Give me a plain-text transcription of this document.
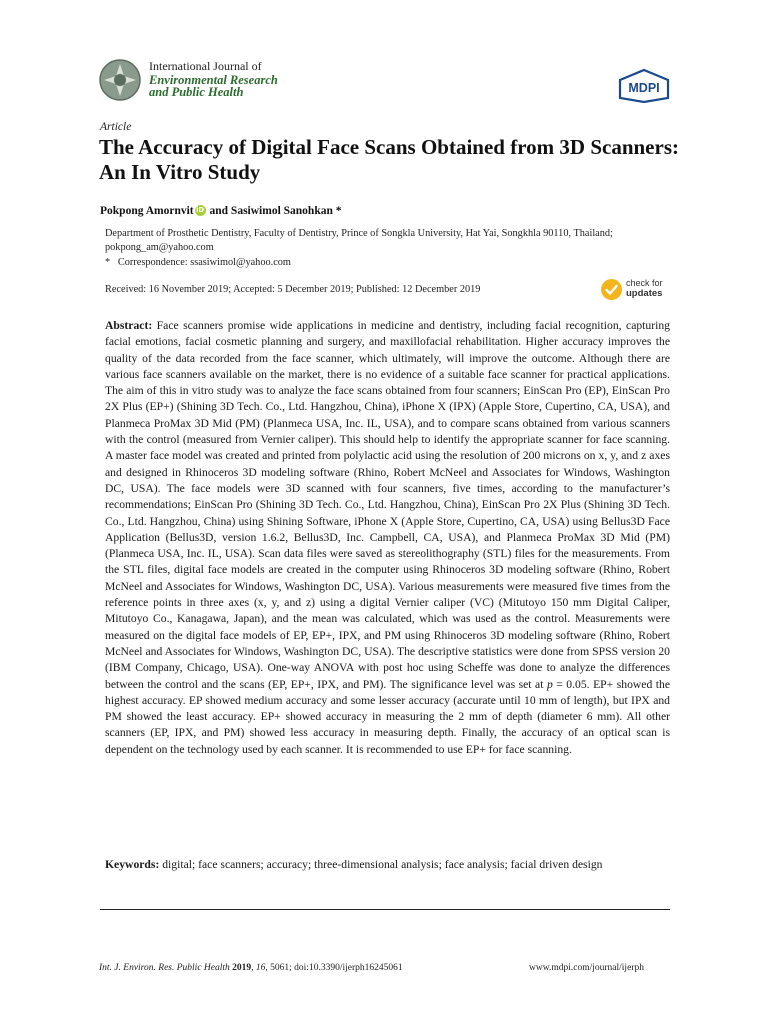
International Journal of
Environmental Research
and Public Health	MDPI
Article
The Accuracy of Digital Face Scans Obtained from 3D Scanners: An In Vitro Study
Pokpong Amornvit iD and Sasiwimol Sanohkan *
Department of Prosthetic Dentistry, Faculty of Dentistry, Prince of Songkla University, Hat Yai, Songkhla 90110, Thailand; pokpong_am@yahoo.com
*   Correspondence: ssasiwimol@yahoo.com
Received: 16 November 2019; Accepted: 5 December 2019; Published: 12 December 2019
check for
updates
Abstract: Face scanners promise wide applications in medicine and dentistry, including facial recognition, capturing facial emotions, facial cosmetic planning and surgery, and maxillofacial rehabilitation. Higher accuracy improves the quality of the data recorded from the face scanner, which ultimately, will improve the outcome. Although there are various face scanners available on the market, there is no evidence of a suitable face scanner for practical applications. The aim of this in vitro study was to analyze the face scans obtained from four scanners; EinScan Pro (EP), EinScan Pro 2X Plus (EP+) (Shining 3D Tech. Co., Ltd. Hangzhou, China), iPhone X (IPX) (Apple Store, Cupertino, CA, USA), and Planmeca ProMax 3D Mid (PM) (Planmeca USA, Inc. IL, USA), and to compare scans obtained from various scanners with the control (measured from Vernier caliper). This should help to identify the appropriate scanner for face scanning. A master face model was created and printed from polylactic acid using the resolution of 200 microns on x, y, and z axes and designed in Rhinoceros 3D modeling software (Rhino, Robert McNeel and Associates for Windows, Washington DC, USA). The face models were 3D scanned with four scanners, five times, according to the manufacturer’s recommendations; EinScan Pro (Shining 3D Tech. Co., Ltd. Hangzhou, China), EinScan Pro 2X Plus (Shining 3D Tech. Co., Ltd. Hangzhou, China) using Shining Software, iPhone X (Apple Store, Cupertino, CA, USA) using Bellus3D Face Application (Bellus3D, version 1.6.2, Bellus3D, Inc. Campbell, CA, USA), and Planmeca ProMax 3D Mid (PM) (Planmeca USA, Inc. IL, USA). Scan data files were saved as stereolithography (STL) files for the measurements. From the STL files, digital face models are created in the computer using Rhinoceros 3D modeling software (Rhino, Robert McNeel and Associates for Windows, Washington DC, USA). Various measurements were measured five times from the reference points in three axes (x, y, and z) using a digital Vernier caliper (VC) (Mitutoyo 150 mm Digital Caliper, Mitutoyo Co., Kanagawa, Japan), and the mean was calculated, which was used as the control. Measurements were measured on the digital face models of EP, EP+, IPX, and PM using Rhinoceros 3D modeling software (Rhino, Robert McNeel and Associates for Windows, Washington DC, USA). The descriptive statistics were done from SPSS version 20 (IBM Company, Chicago, USA). One-way ANOVA with post hoc using Scheffe was done to analyze the differences between the control and the scans (EP, EP+, IPX, and PM). The significance level was set at p = 0.05. EP+ showed the highest accuracy. EP showed medium accuracy and some lesser accuracy (accurate until 10 mm of length), but IPX and PM showed the least accuracy. EP+ showed accuracy in measuring the 2 mm of depth (diameter 6 mm). All other scanners (EP, IPX, and PM) showed less accuracy in measuring depth. Finally, the accuracy of an optical scan is dependent on the technology used by each scanner. It is recommended to use EP+ for face scanning.
Keywords: digital; face scanners; accuracy; three-dimensional analysis; face analysis; facial driven design
Int. J. Environ. Res. Public Health 2019, 16, 5061; doi:10.3390/ijerph16245061	www.mdpi.com/journal/ijerph
